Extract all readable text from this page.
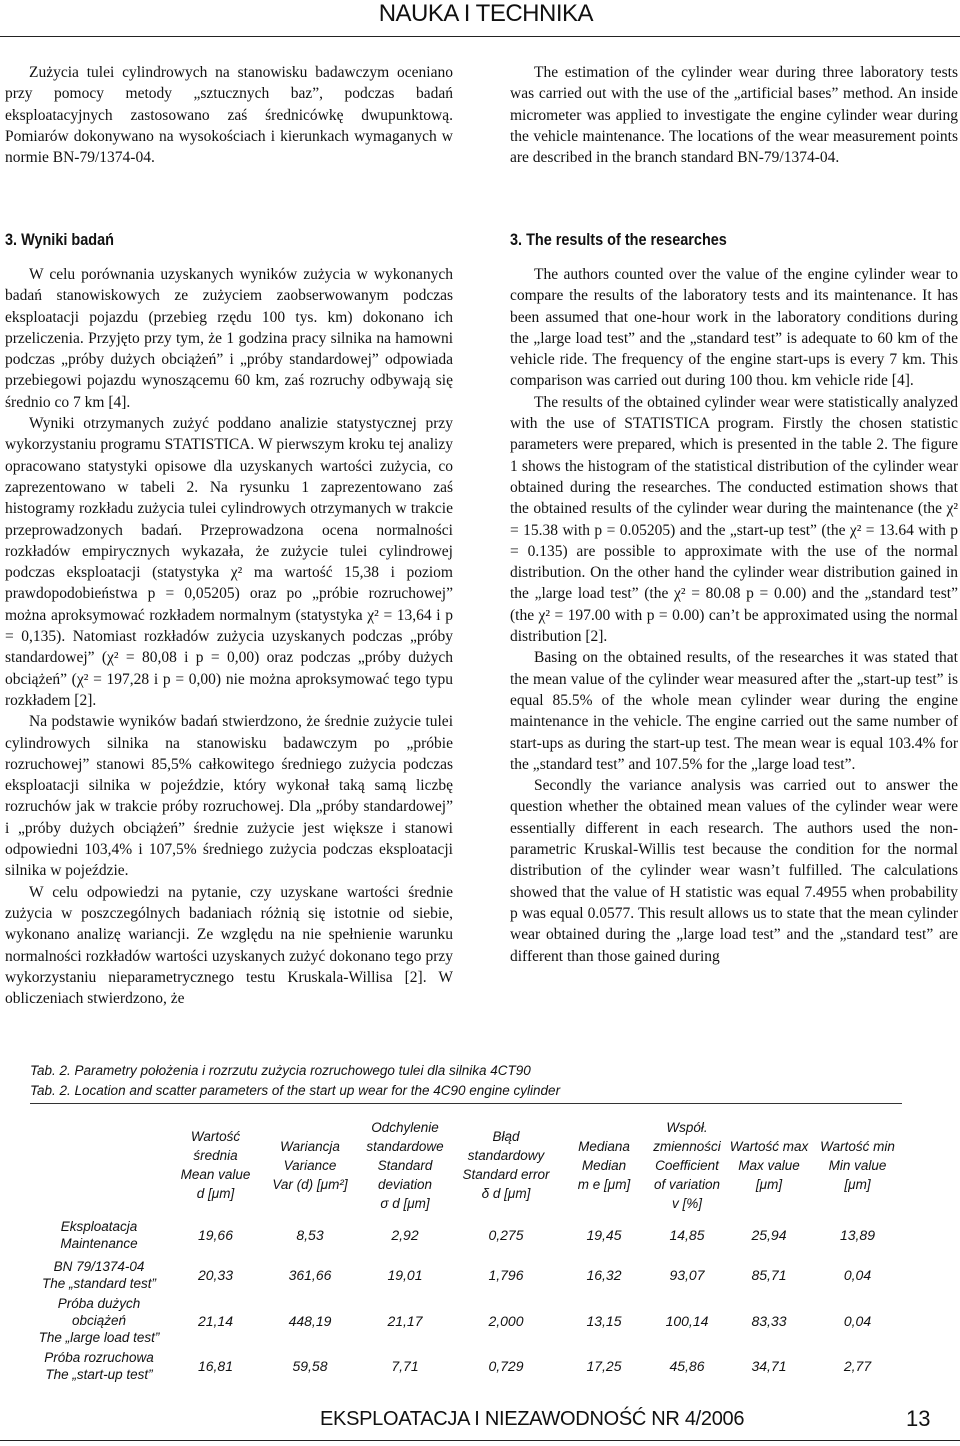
NAUKA I TECHNIKA

Zużycia tulei cylindrowych na stanowisku badawczym oceniano przy pomocy metody „sztucznych baz”, podczas badań eksploatacyjnych zastosowano zaś średnicówkę dwupunktową. Pomiarów dokonywano na wysokościach i kierunkach wymaganych w normie BN-79/1374-04.

The estimation of the cylinder wear during three laboratory tests was carried out with the use of the „artificial bases” method. An inside micrometer was applied to investigate the engine cylinder wear during the vehicle maintenance. The locations of the wear measurement points are described in the branch standard BN-79/1374-04.

3. Wyniki badań	3. The results of the researches

W celu porównania uzyskanych wyników zużycia w wykonanych badań stanowiskowych ze zużyciem zaobserwowanym podczas eksploatacji pojazdu (przebieg rzędu 100 tys. km) dokonano ich przeliczenia. Przyjęto przy tym, że 1 godzina pracy silnika na hamowni podczas „próby dużych obciążeń” i „próby standardowej” odpowiada przebiegowi pojazdu wynoszącemu 60 km, zaś rozruchy odbywają się średnio co 7 km [4].

Wyniki otrzymanych zużyć poddano analizie statystycznej przy wykorzystaniu programu STATISTICA. W pierwszym kroku tej analizy opracowano statystyki opisowe dla uzyskanych wartości zużycia, co zaprezentowano w tabeli 2. Na rysunku 1 zaprezentowano zaś histogramy rozkładu zużycia tulei cylindrowych otrzymanych w trakcie przeprowadzonych badań. Przeprowadzona ocena normalności rozkładów empirycznych wykazała, że zużycie tulei cylindrowej podczas eksploatacji (statystyka χ² ma wartość 15,38 i poziom prawdopodobieństwa p = 0,05205) oraz po „próbie rozruchowej” można aproksymować rozkładem normalnym (statystyka χ² = 13,64 i p = 0,135). Natomiast rozkładów zużycia uzyskanych podczas „próby standardowej” (χ² = 80,08 i p = 0,00) oraz podczas „próby dużych obciążeń” (χ² = 197,28 i p = 0,00) nie można aproksymować tego typu rozkładem [2].

Na podstawie wyników badań stwierdzono, że średnie zużycie tulei cylindrowych silnika na stanowisku badawczym po „próbie rozruchowej” stanowi 85,5% całkowitego średniego zużycia podczas eksploatacji silnika w pojeździe, który wykonał taką samą liczbę rozruchów jak w trakcie próby rozruchowej. Dla „próby standardowej” i „próby dużych obciążeń” średnie zużycie jest większe i stanowi odpowiedni 103,4% i 107,5% średniego zużycia podczas eksploatacji silnika w pojeździe.

W celu odpowiedzi na pytanie, czy uzyskane wartości średnie zużycia w poszczególnych badaniach różnią się istotnie od siebie, wykonano analizę wariancji. Ze względu na nie spełnienie warunku normalności rozkładów wartości uzyskanych zużyć dokonano tego przy wykorzystaniu nieparametrycznego testu Kruskala-Willisa [2]. W obliczeniach stwierdzono, że

The authors counted over the value of the engine cylinder wear to compare the results of the laboratory tests and its maintenance. It has been assumed that one-hour work in the laboratory conditions during the „large load test” and the „standard test” is adequate to 60 km of the vehicle ride. The frequency of the engine start-ups is every 7 km. This comparison was carried out during 100 thou. km vehicle ride [4].

The results of the obtained cylinder wear were statistically analyzed with the use of STATISTICA program. Firstly the chosen statistic parameters were prepared, which is presented in the table 2. The figure 1 shows the histogram of the statistical distribution of the cylinder wear obtained during the researches. The conducted estimation shows that the obtained results of the cylinder wear during the maintenance (the χ² = 15.38 with p = 0.05205) and the „start-up test” (the χ² = 13.64 with p = 0.135) are possible to approximate with the use of the normal distribution. On the other hand the cylinder wear distribution gained in the „large load test” (the χ² = 80.08 p = 0.00) and the „standard test” (the χ² = 197.00 with p = 0.00) can’t be approximated using the normal distribution [2].

Basing on the obtained results, of the researches it was stated that the mean value of the cylinder wear measured after the „start-up test” is equal 85.5% of the whole mean cylinder wear during the engine maintenance in the vehicle. The engine carried out the same number of start-ups as during the start-up test. The mean wear is equal 103.4% for the „standard test” and 107.5% for the „large load test”.

Secondly the variance analysis was carried out to answer the question whether the obtained mean values of the cylinder wear were essentially different in each research. The authors used the non-parametric Kruskal-Willis test because the condition for the normal distribution of the cylinder wear wasn’t fulfilled. The calculations showed that the value of H statistic was equal 7.4955 when probability p was equal 0.0577. This result allows us to state that the mean cylinder wear obtained during the „large load test” and the „standard test” are different than those gained during

Tab. 2. Parametry położenia i rozrzutu zużycia rozruchowego tulei dla silnika 4CT90
Tab. 2. Location and scatter parameters of the start up wear for the 4C90 engine cylinder

	Wartość średnia
Mean value
d [μm]	Wariancja
Variance
Var (d) [μm²]	Odchylenie standardowe
Standard deviation
σ d [μm]	Błąd standardowy
Standard error
δ d [μm]	Mediana
Median
m e [μm]	Współ. zmienności
Coefficient of variation
v [%]	Wartość max
Max value
[μm]	Wartość min
Min value
[μm]

Eksploatacja
Maintenance	19,66	8,53	2,92	0,275	19,45	14,85	25,94	13,89

BN 79/1374-04
The „standard test”	20,33	361,66	19,01	1,796	16,32	93,07	85,71	0,04

Próba dużych obciążeń
The „large load test”	21,14	448,19	21,17	2,000	13,15	100,14	83,33	0,04

Próba rozruchowa
The „start-up test”	16,81	59,58	7,71	0,729	17,25	45,86	34,71	2,77
EKSPLOATACJA I NIEZAWODNOŚĆ NR 4/2006	13
